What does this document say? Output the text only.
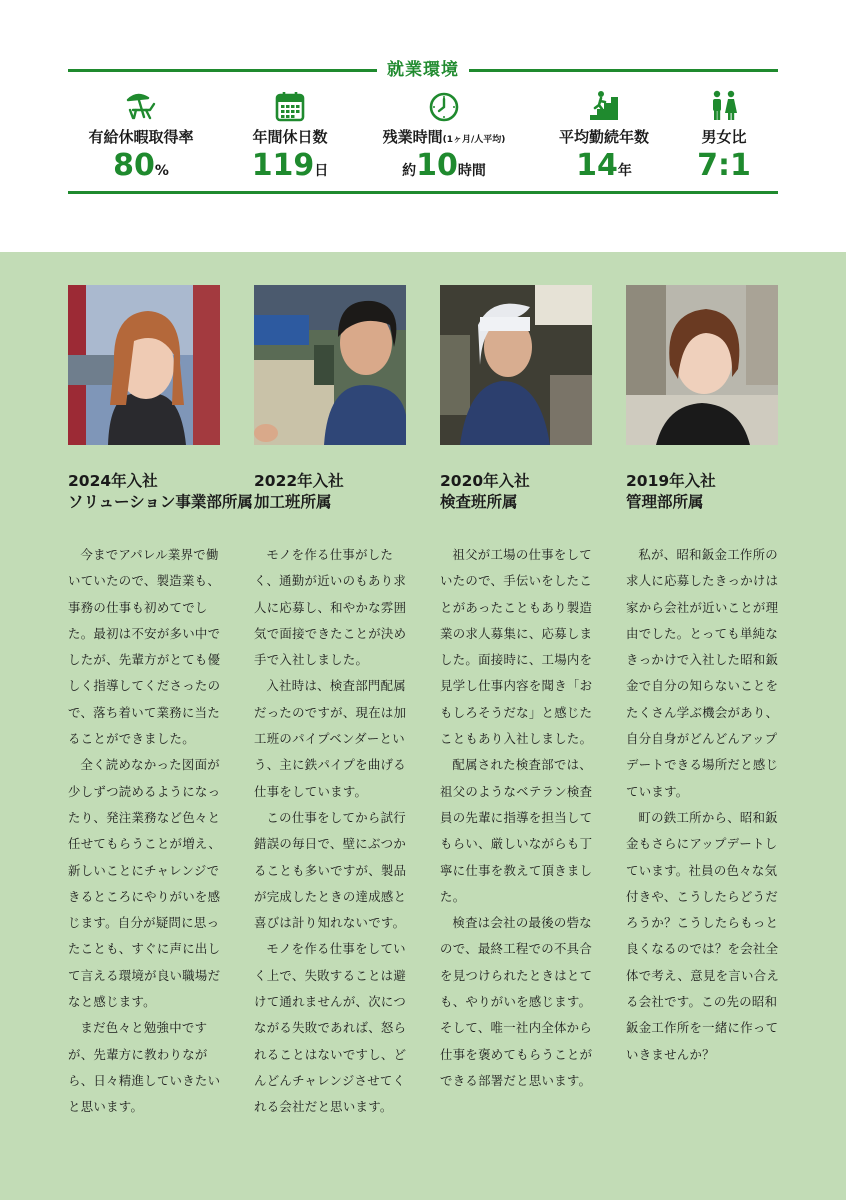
就業環境
有給休暇取得率
80%
年間休日数
119日
残業時間(1ヶ月/人平均)
約10時間
平均勤続年数
14年
男女比
7:1
2024年入社
ソリューション事業部所属

今までアパレル業界で働いていたので、製造業も、事務の仕事も初めてでした。最初は不安が多い中でしたが、先輩方がとても優しく指導してくださったので、落ち着いて業務に当たることができました。

全く読めなかった図面が少しずつ読めるようになったり、発注業務など色々と任せてもらうことが増え、新しいことにチャレンジできるところにやりがいを感じます。自分が疑問に思ったことも、すぐに声に出して言える環境が良い職場だなと感じます。

まだ色々と勉強中ですが、先輩方に教わりながら、日々精進していきたいと思います。

2022年入社
加工班所属

モノを作る仕事がしたく、通勤が近いのもあり求人に応募し、和やかな雰囲気で面接できたことが決め手で入社しました。

入社時は、検査部門配属だったのですが、現在は加工班のパイプベンダーという、主に鉄パイプを曲げる仕事をしています。

この仕事をしてから試行錯誤の毎日で、壁にぶつかることも多いですが、製品が完成したときの達成感と喜びは計り知れないです。

モノを作る仕事をしていく上で、失敗することは避けて通れませんが、次につながる失敗であれば、怒られることはないですし、どんどんチャレンジさせてくれる会社だと思います。

2020年入社
検査班所属

祖父が工場の仕事をしていたので、手伝いをしたことがあったこともあり製造業の求人募集に、応募しました。面接時に、工場内を見学し仕事内容を聞き「おもしろそうだな」と感じたこともあり入社しました。

配属された検査部では、祖父のようなベテラン検査員の先輩に指導を担当してもらい、厳しいながらも丁寧に仕事を教えて頂きました。

検査は会社の最後の砦なので、最終工程での不具合を見つけられたときはとても、やりがいを感じます。そして、唯一社内全体から仕事を褒めてもらうことができる部署だと思います。

2019年入社
管理部所属

私が、昭和鈑金工作所の求人に応募したきっかけは家から会社が近いことが理由でした。とっても単純なきっかけで入社した昭和鈑金で自分の知らないことをたくさん学ぶ機会があり、自分自身がどんどんアップデートできる場所だと感じています。

町の鉄工所から、昭和鈑金もさらにアップデートしています。社員の色々な気付きや、こうしたらどうだろうか？こうしたらもっと良くなるのでは？を会社全体で考え、意見を言い合える会社です。この先の昭和鈑金工作所を一緒に作っていきませんか？
